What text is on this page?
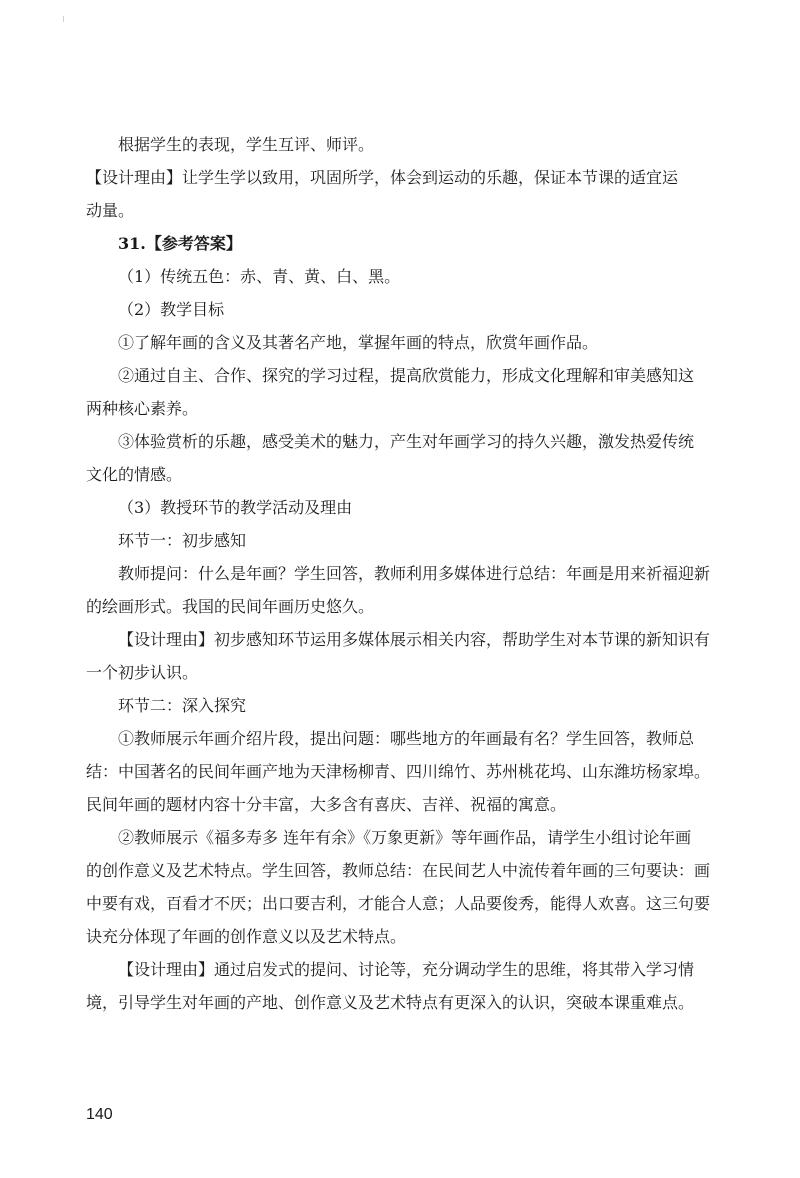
根据学生的表现，学生互评、师评。

【设计理由】让学生学以致用，巩固所学，体会到运动的乐趣，保证本节课的适宜运

动量。

31.【参考答案】

（1）传统五色：赤、青、黄、白、黑。

（2）教学目标

①了解年画的含义及其著名产地，掌握年画的特点，欣赏年画作品。

②通过自主、合作、探究的学习过程，提高欣赏能力，形成文化理解和审美感知这

两种核心素养。

③体验赏析的乐趣，感受美术的魅力，产生对年画学习的持久兴趣，激发热爱传统

文化的情感。

（3）教授环节的教学活动及理由

环节一：初步感知

教师提问：什么是年画？学生回答，教师利用多媒体进行总结：年画是用来祈福迎新

的绘画形式。我国的民间年画历史悠久。

【设计理由】初步感知环节运用多媒体展示相关内容，帮助学生对本节课的新知识有

一个初步认识。

环节二：深入探究

①教师展示年画介绍片段，提出问题：哪些地方的年画最有名？学生回答，教师总

结：中国著名的民间年画产地为天津杨柳青、四川绵竹、苏州桃花坞、山东潍坊杨家埠。

民间年画的题材内容十分丰富，大多含有喜庆、吉祥、祝福的寓意。

②教师展示《福多寿多 连年有余》《万象更新》等年画作品，请学生小组讨论年画

的创作意义及艺术特点。学生回答，教师总结：在民间艺人中流传着年画的三句要诀：画

中要有戏，百看才不厌；出口要吉利，才能合人意；人品要俊秀，能得人欢喜。这三句要

诀充分体现了年画的创作意义以及艺术特点。

【设计理由】通过启发式的提问、讨论等，充分调动学生的思维，将其带入学习情

境，引导学生对年画的产地、创作意义及艺术特点有更深入的认识，突破本课重难点。

140
